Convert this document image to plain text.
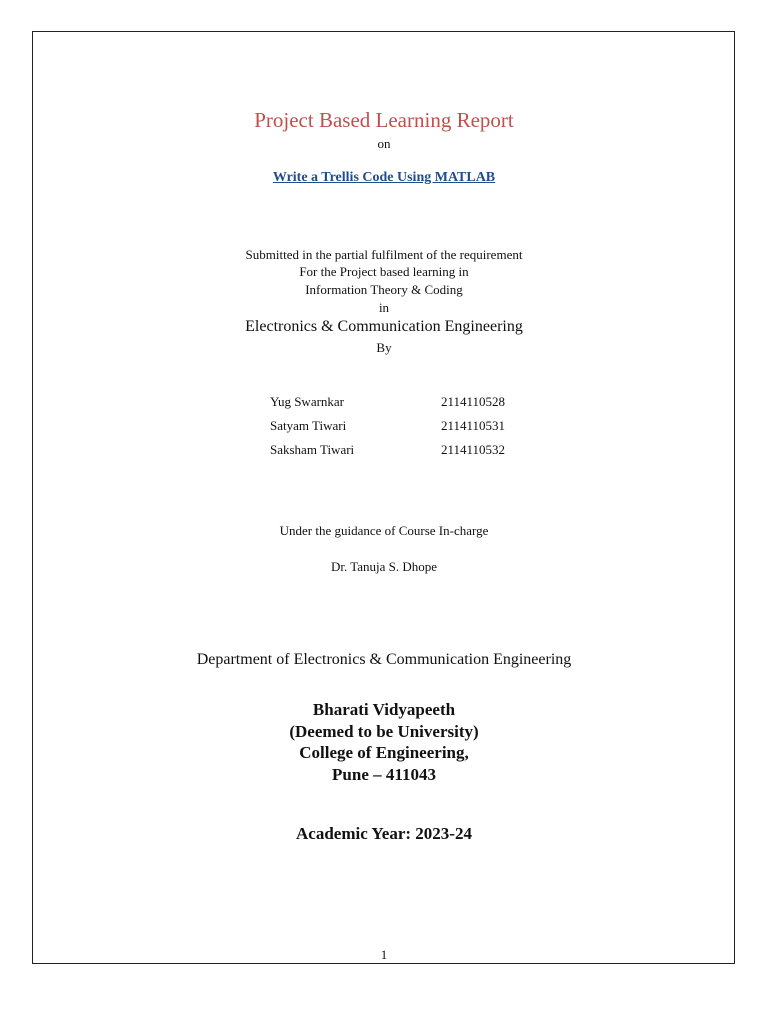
Project Based Learning Report
on
Write a Trellis Code Using MATLAB
Submitted in the partial fulfilment of the requirement
For the Project based learning in
Information Theory & Coding
in
Electronics & Communication Engineering
By
Yug Swarnkar	2114110528
Satyam Tiwari	2114110531
Saksham Tiwari	2114110532
Under the guidance of Course In-charge
Dr. Tanuja S. Dhope
Department of Electronics & Communication Engineering
Bharati Vidyapeeth
(Deemed to be University)
College of Engineering,
Pune – 411043
Academic Year: 2023-24
1
